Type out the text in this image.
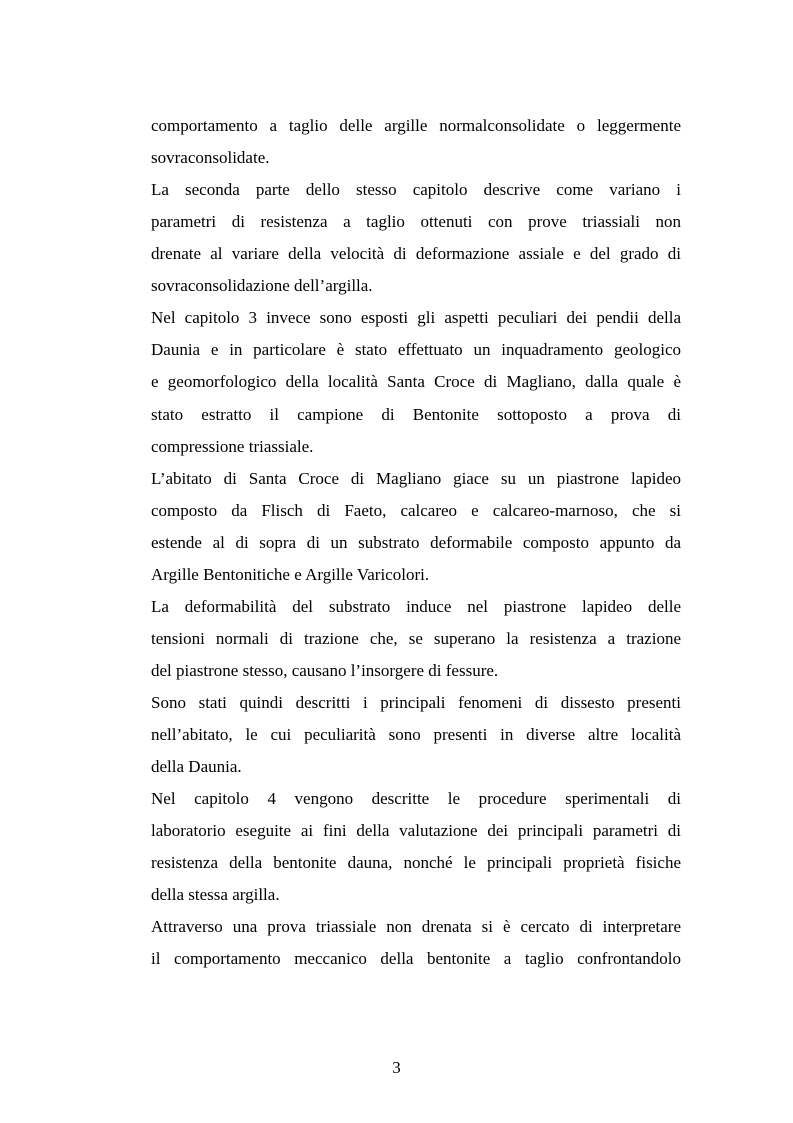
comportamento a taglio delle argille normalconsolidate o leggermente
sovraconsolidate.
La seconda parte dello stesso capitolo descrive come variano i
parametri di resistenza a taglio ottenuti con prove triassiali non
drenate al variare della velocità di deformazione assiale e del grado di
sovraconsolidazione dell’argilla.
Nel capitolo 3 invece sono esposti gli aspetti peculiari dei pendii della
Daunia e in particolare è stato effettuato un inquadramento geologico
e geomorfologico della località Santa Croce di Magliano, dalla quale è
stato estratto il campione di Bentonite sottoposto a prova di
compressione triassiale.
L’abitato di Santa Croce di Magliano giace su un piastrone lapideo
composto da Flisch di Faeto, calcareo e calcareo-marnoso, che si
estende al di sopra di un substrato deformabile composto appunto da
Argille Bentonitiche e Argille Varicolori.
La deformabilità del substrato induce nel piastrone lapideo delle
tensioni normali di trazione che, se superano la resistenza a trazione
del piastrone stesso, causano l’insorgere di fessure.
Sono stati quindi descritti i principali fenomeni di dissesto presenti
nell’abitato, le cui peculiarità sono presenti in diverse altre località
della Daunia.
Nel capitolo 4 vengono descritte le procedure sperimentali di
laboratorio eseguite ai fini della valutazione dei principali parametri di
resistenza della bentonite dauna, nonché le principali proprietà fisiche
della stessa argilla.
Attraverso una prova triassiale non drenata si è cercato di interpretare
il comportamento meccanico della bentonite a taglio confrontandolo
3
